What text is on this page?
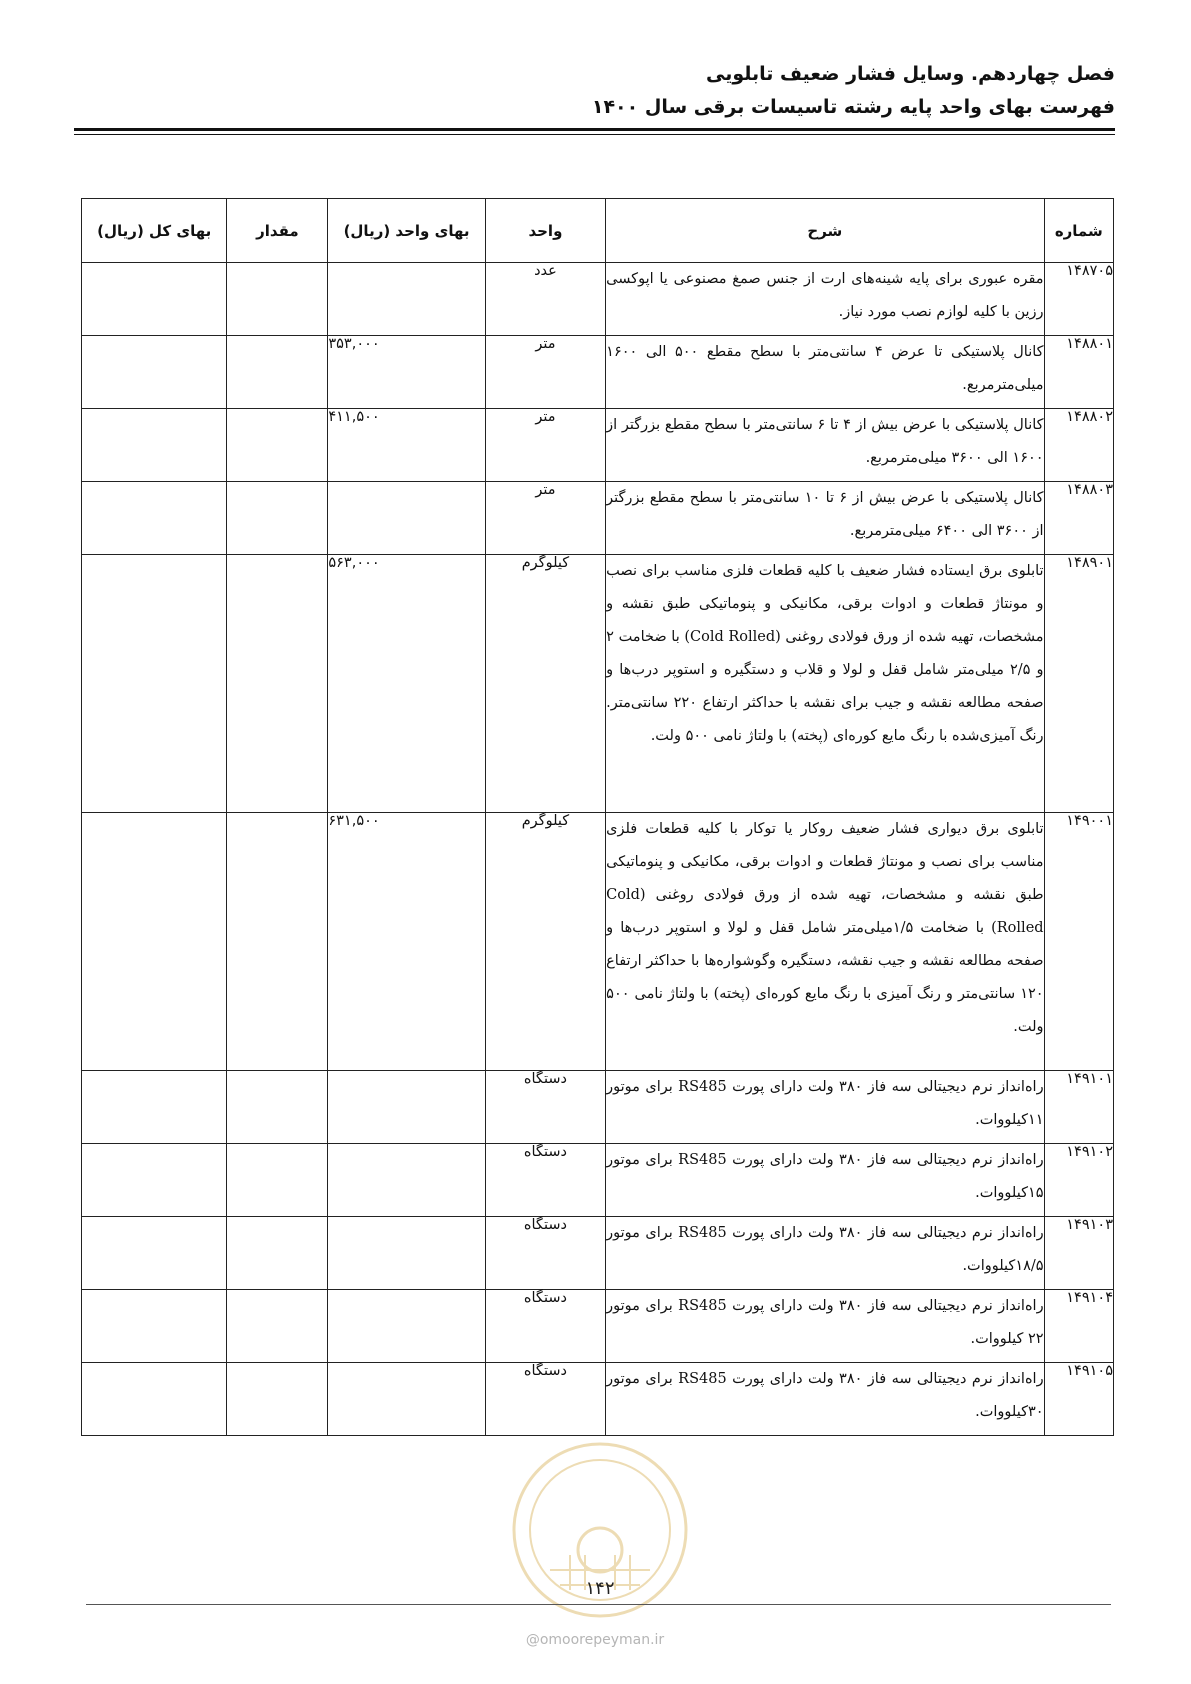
فصل چهاردهم. وسایل فشار ضعیف تابلویی
فهرست بهای واحد پایه رشته تاسیسات برقی سال ۱۴۰۰
شماره	شرح	واحد	بهای واحد (ریال)	مقدار	بهای کل (ریال)
۱۴۸۷۰۵	مقره عبوری برای پایه شینه‌های ارت از جنس صمغ مصنوعی یا اپوکسی رزین با کلیه لوازم نصب مورد نیاز.	عدد			
۱۴۸۸۰۱	کانال پلاستیکی تا عرض ۴ سانتی‌متر با سطح مقطع ۵۰۰ الی ۱۶۰۰ میلی‌مترمربع.	متر	۳۵۳,۰۰۰		
۱۴۸۸۰۲	کانال پلاستیکی با عرض بیش از ۴ تا ۶ سانتی‌متر با سطح مقطع بزرگتر از ۱۶۰۰ الی ۳۶۰۰ میلی‌مترمربع.	متر	۴۱۱,۵۰۰		
۱۴۸۸۰۳	کانال پلاستیکی با عرض بیش از ۶ تا ۱۰ سانتی‌متر با سطح مقطع بزرگتر از ۳۶۰۰ الی ۶۴۰۰ میلی‌مترمربع.	متر			
۱۴۸۹۰۱	تابلوی برق ایستاده فشار ضعیف با کلیه قطعات فلزی مناسب برای نصب و مونتاژ قطعات و ادوات برقی، مکانیکی و پنوماتیکی طبق نقشه و مشخصات، تهیه شده از ورق فولادی روغنی (Cold Rolled) با ضخامت ۲ و ۲/۵ میلی‌متر شامل قفل و لولا و قلاب و دستگیره و استوپر درب‌ها و صفحه مطالعه نقشه و جیب برای نقشه با حداکثر ارتفاع ۲۲۰ سانتی‌متر. رنگ آمیزی‌شده با رنگ مایع کوره‌ای (پخته) با ولتاژ نامی ۵۰۰ ولت.	کیلوگرم	۵۶۳,۰۰۰		
۱۴۹۰۰۱	تابلوی برق دیواری فشار ضعیف روکار یا توکار با کلیه قطعات فلزی مناسب برای نصب و مونتاژ قطعات و ادوات برقی، مکانیکی و پنوماتیکی طبق نقشه و مشخصات، تهیه شده از ورق فولادی روغنی (Cold Rolled) با ضخامت ۱/۵میلی‌متر شامل قفل و لولا و استوپر درب‌ها و صفحه مطالعه نقشه و جیب نقشه، دستگیره وگوشواره‌ها با حداکثر ارتفاع ۱۲۰ سانتی‌متر و رنگ آمیزی با رنگ مایع کوره‌ای (پخته) با ولتاژ نامی ۵۰۰ ولت.	کیلوگرم	۶۳۱,۵۰۰		
۱۴۹۱۰۱	راه‌انداز نرم دیجیتالی سه فاز ۳۸۰ ولت دارای پورت RS485 برای موتور ۱۱کیلووات.	دستگاه			
۱۴۹۱۰۲	راه‌انداز نرم دیجیتالی سه فاز ۳۸۰ ولت دارای پورت RS485 برای موتور ۱۵کیلووات.	دستگاه			
۱۴۹۱۰۳	راه‌انداز نرم دیجیتالی سه فاز ۳۸۰ ولت دارای پورت RS485 برای موتور ۱۸/۵کیلووات.	دستگاه			
۱۴۹۱۰۴	راه‌انداز نرم دیجیتالی سه فاز ۳۸۰ ولت دارای پورت RS485 برای موتور ۲۲ کیلووات.	دستگاه			
۱۴۹۱۰۵	راه‌انداز نرم دیجیتالی سه فاز ۳۸۰ ولت دارای پورت RS485 برای موتور ۳۰کیلووات.	دستگاه			
۱۴۲
@omoorepeyman.ir
